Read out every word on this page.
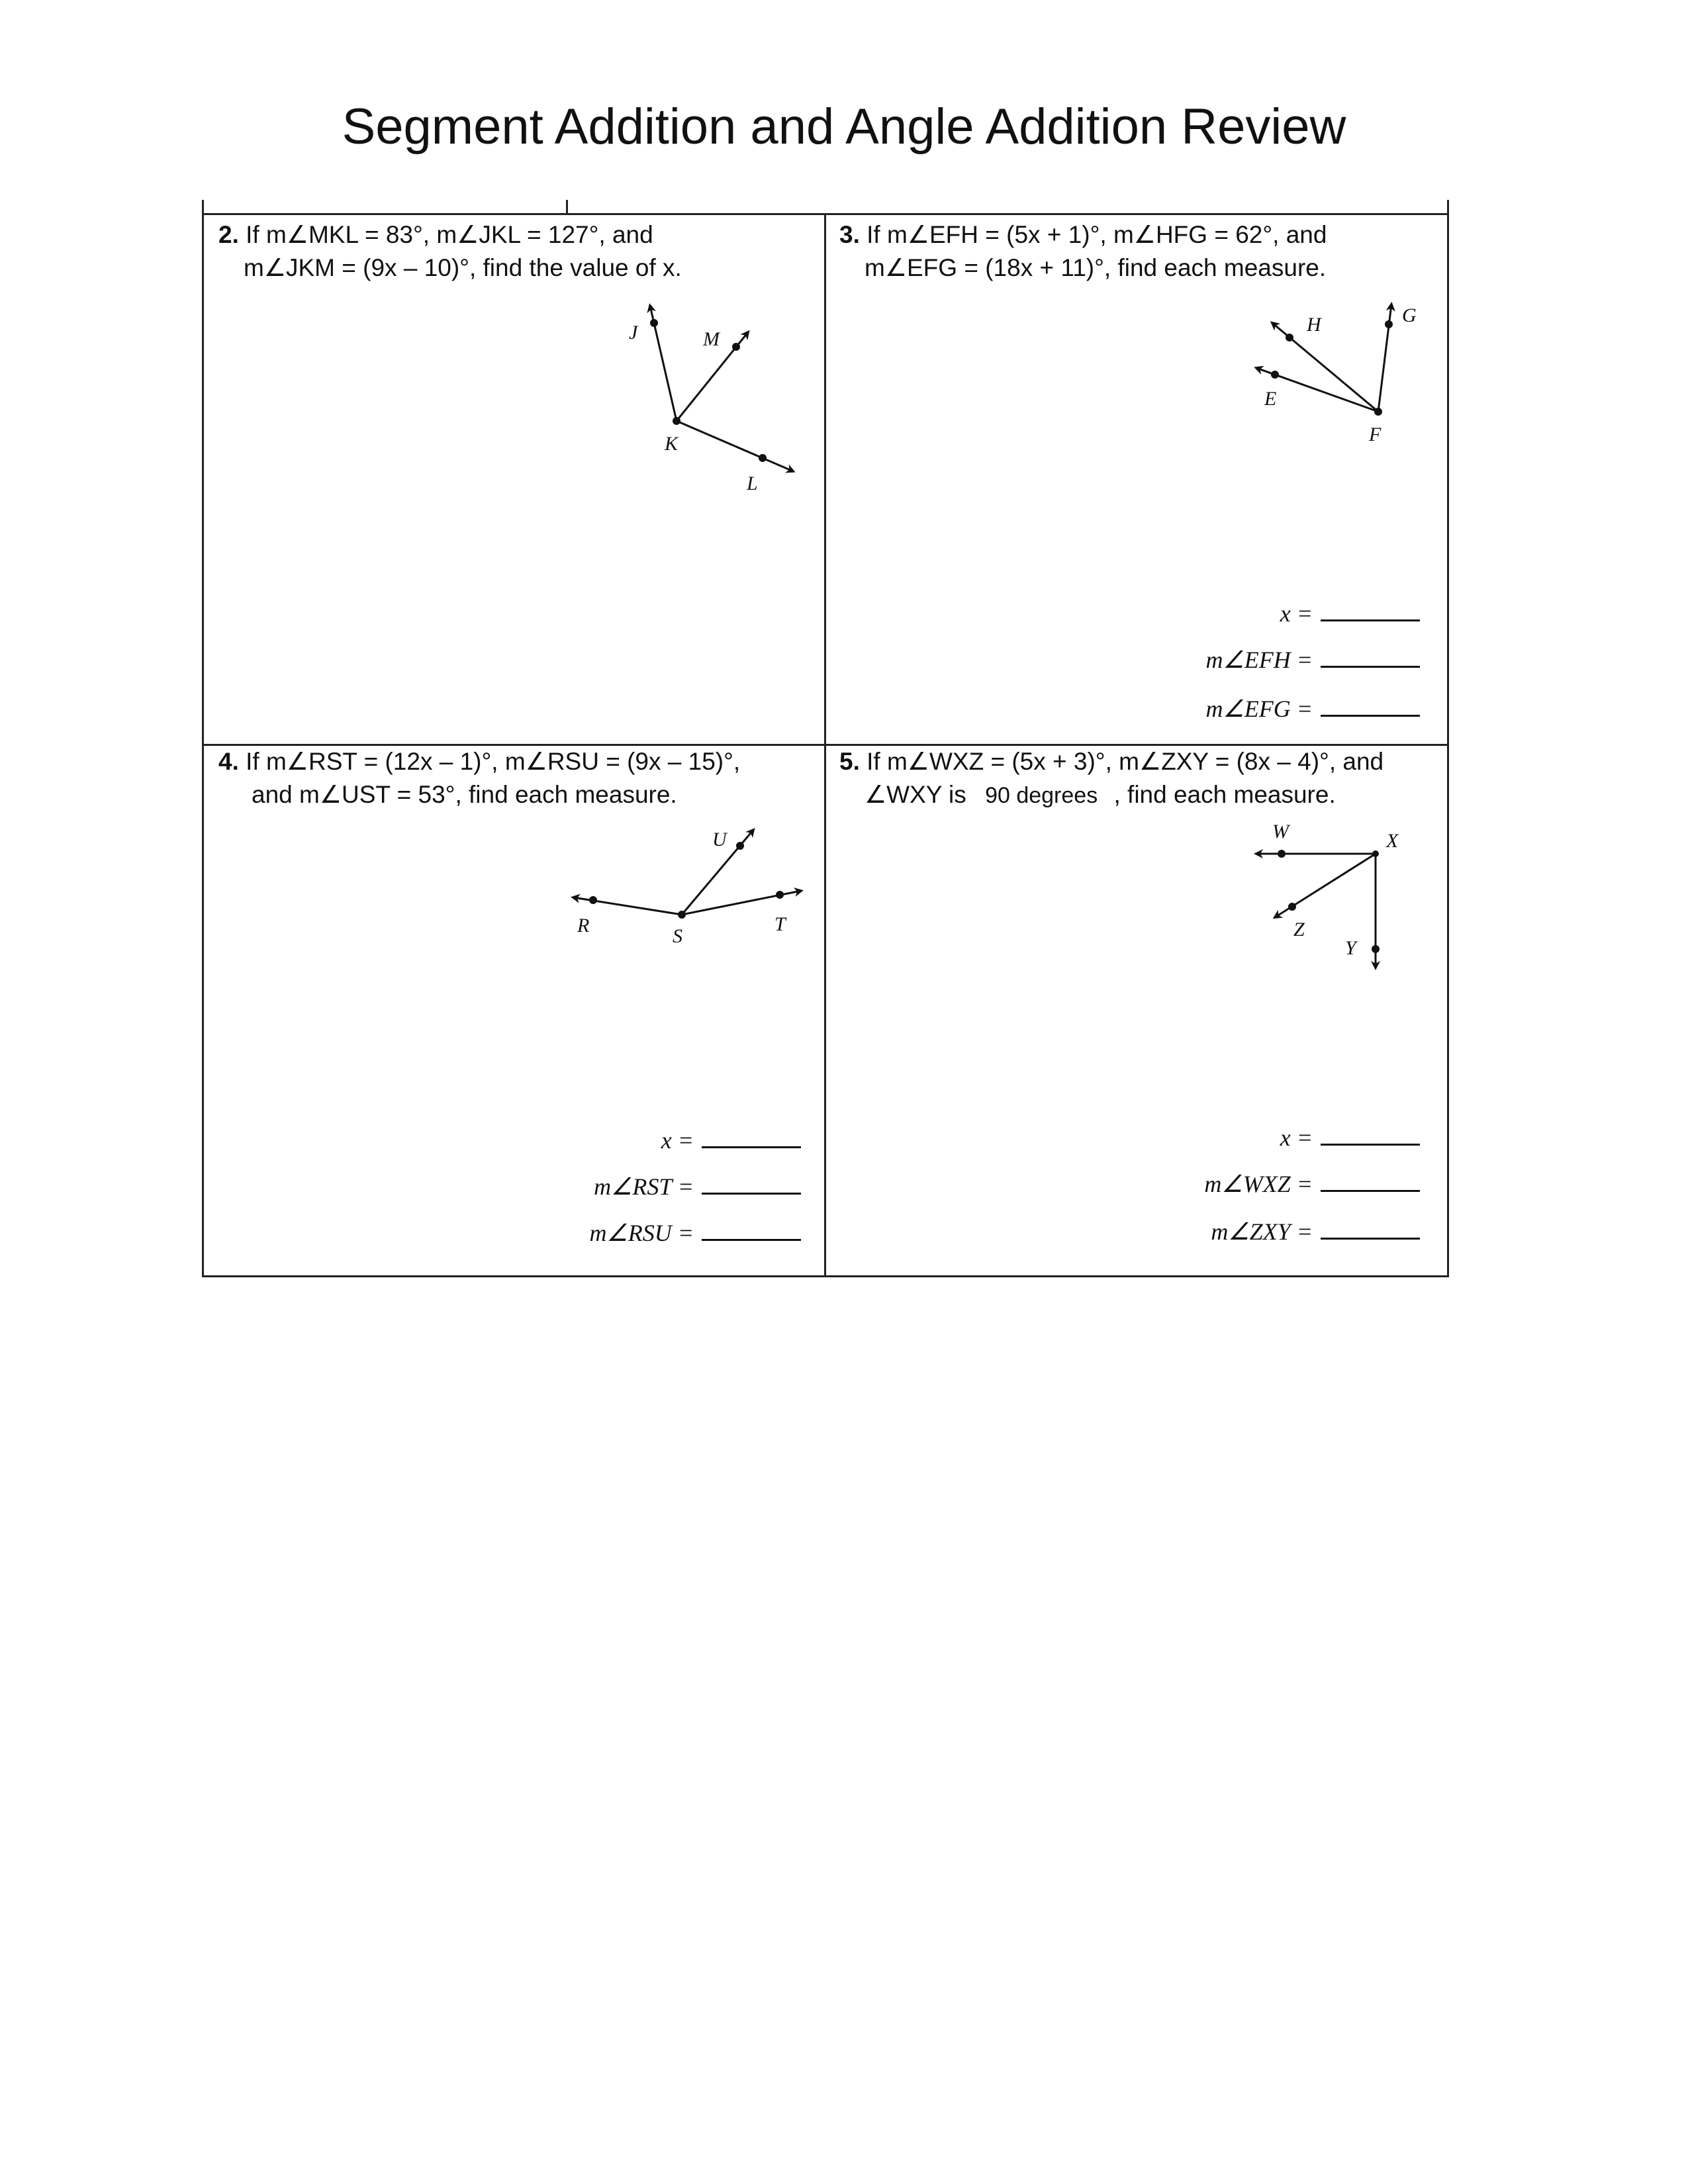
Segment Addition and Angle Addition Review
2. If m∠MKL = 83°, m∠JKL = 127°, and
m∠JKM = (9x – 10)°, find the value of x.
J	M
K
L
3. If m∠EFH = (5x + 1)°, m∠HFG = 62°, and
m∠EFG = (18x + 11)°, find each measure.
H	G
E
F
x =
m∠EFH =
m∠EFG =
4. If m∠RST = (12x – 1)°, m∠RSU = (9x – 15)°,
and m∠UST = 53°, find each measure.
U
R	S
T
x =
m∠RST =
m∠RSU =
5. If m∠WXZ = (5x + 3)°, m∠ZXY = (8x – 4)°, and
∠WXY is 90 degrees , find each measure.
W	X
Z
Y
x =
m∠WXZ =
m∠ZXY =
